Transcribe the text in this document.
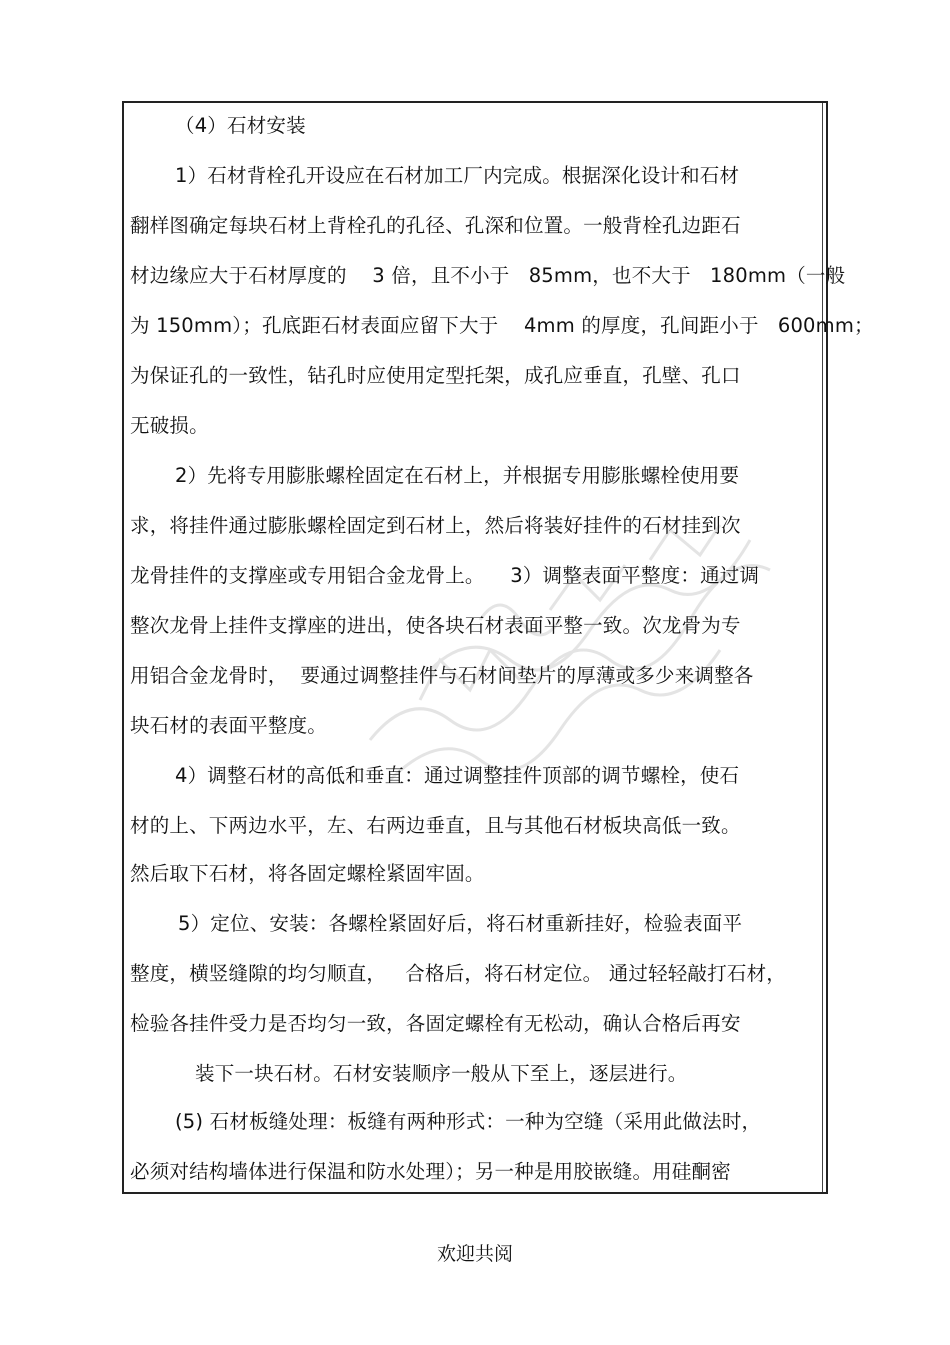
（4）石材安装
1）石材背栓孔开设应在石材加工厂内完成。根据深化设计和石材
翻样图确定每块石材上背栓孔的孔径、孔深和位置。一般背栓孔边距石
材边缘应大于石材厚度的    3 倍，且不小于   85mm，也不大于   180mm（一般
为 150mm）；孔底距石材表面应留下大于    4mm 的厚度，孔间距小于   600mm；
为保证孔的一致性，钻孔时应使用定型托架，成孔应垂直，孔壁、孔口
无破损。
2）先将专用膨胀螺栓固定在石材上，并根据专用膨胀螺栓使用要
求，将挂件通过膨胀螺栓固定到石材上，然后将装好挂件的石材挂到次
龙骨挂件的支撑座或专用铝合金龙骨上。    3）调整表面平整度：通过调
整次龙骨上挂件支撑座的进出，使各块石材表面平整一致。次龙骨为专
用铝合金龙骨时，  要通过调整挂件与石材间垫片的厚薄或多少来调整各
块石材的表面平整度。
4）调整石材的高低和垂直：通过调整挂件顶部的调节螺栓，使石
材的上、下两边水平，左、右两边垂直，且与其他石材板块高低一致。
然后取下石材，将各固定螺栓紧固牢固。
5）定位、安装：各螺栓紧固好后，将石材重新挂好，检验表面平
整度，横竖缝隙的均匀顺直，   合格后，将石材定位。 通过轻轻敲打石材，
检验各挂件受力是否均匀一致，各固定螺栓有无松动，确认合格后再安
装下一块石材。石材安装顺序一般从下至上，逐层进行。
(5) 石材板缝处理：板缝有两种形式：一种为空缝（采用此做法时，
必须对结构墙体进行保温和防水处理）；另一种是用胶嵌缝。用硅酮密
欢迎共阅
